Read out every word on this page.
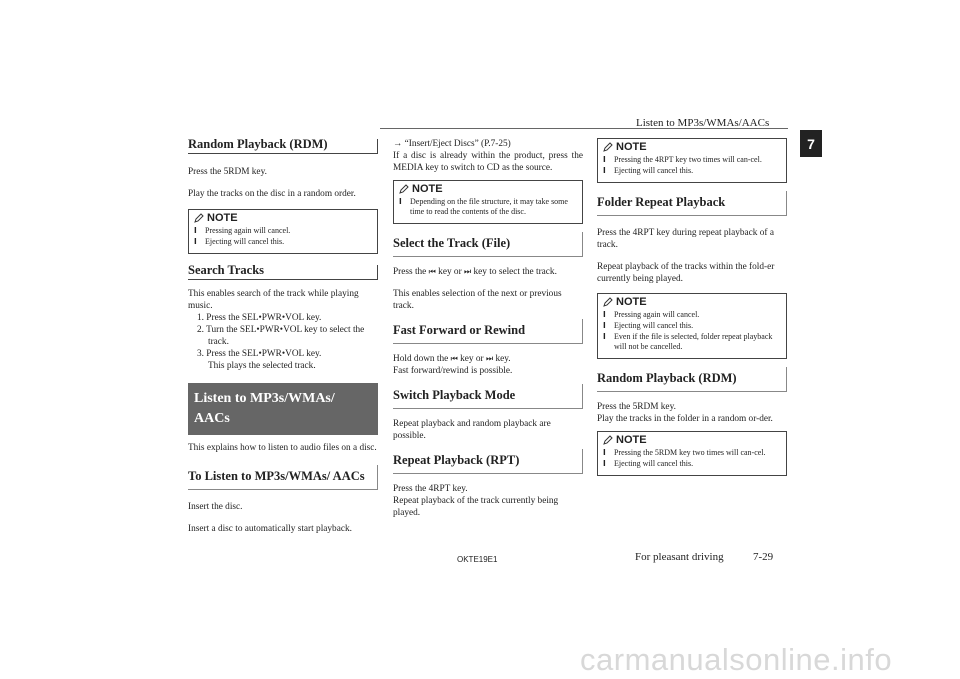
Listen to MP3s/WMAs/AACs
7
Random Playback (RDM)

Press the 5RDM key.

Play the tracks on the disc in a random order.

NOTE
l Pressing again will cancel.
l Ejecting will cancel this.
Search Tracks

This enables search of the track while playing music.

1. Press the SEL•PWR•VOL key.
2. Turn the SEL•PWR•VOL key to select the track.
3. Press the SEL•PWR•VOL key.

This plays the selected track.

Listen to MP3s/WMAs/ AACs

This explains how to listen to audio files on a disc.

To Listen to MP3s/WMAs/ AACs

Insert the disc.

Insert a disc to automatically start playback.

→ “Insert/Eject Discs” (P.7-25)

If a disc is already within the product, press the MEDIA key to switch to CD as the source.

NOTE
l Depending on the file structure, it may take some time to read the contents of the disc.
Select the Track (File)

Press the ⏮ key or ⏭ key to select the track.

This enables selection of the next or previous track.

Fast Forward or Rewind

Hold down the ⏮ key or ⏭ key.

Fast forward/rewind is possible.

Switch Playback Mode

Repeat playback and random playback are possible.

Repeat Playback (RPT)

Press the 4RPT key.

Repeat playback of the track currently being played.

NOTE
l Pressing the 4RPT key two times will can-cel.
l Ejecting will cancel this.
Folder Repeat Playback

Press the 4RPT key during repeat playback of a track.

Repeat playback of the tracks within the fold-er currently being played.

NOTE
l Pressing again will cancel.
l Ejecting will cancel this.
l Even if the file is selected, folder repeat playback will not be cancelled.
Random Playback (RDM)

Press the 5RDM key.

Play the tracks in the folder in a random or-der.

NOTE
l Pressing the 5RDM key two times will can-cel.
l Ejecting will cancel this.
OKTE19E1	For pleasant driving	7-29
carmanualsonline.info
